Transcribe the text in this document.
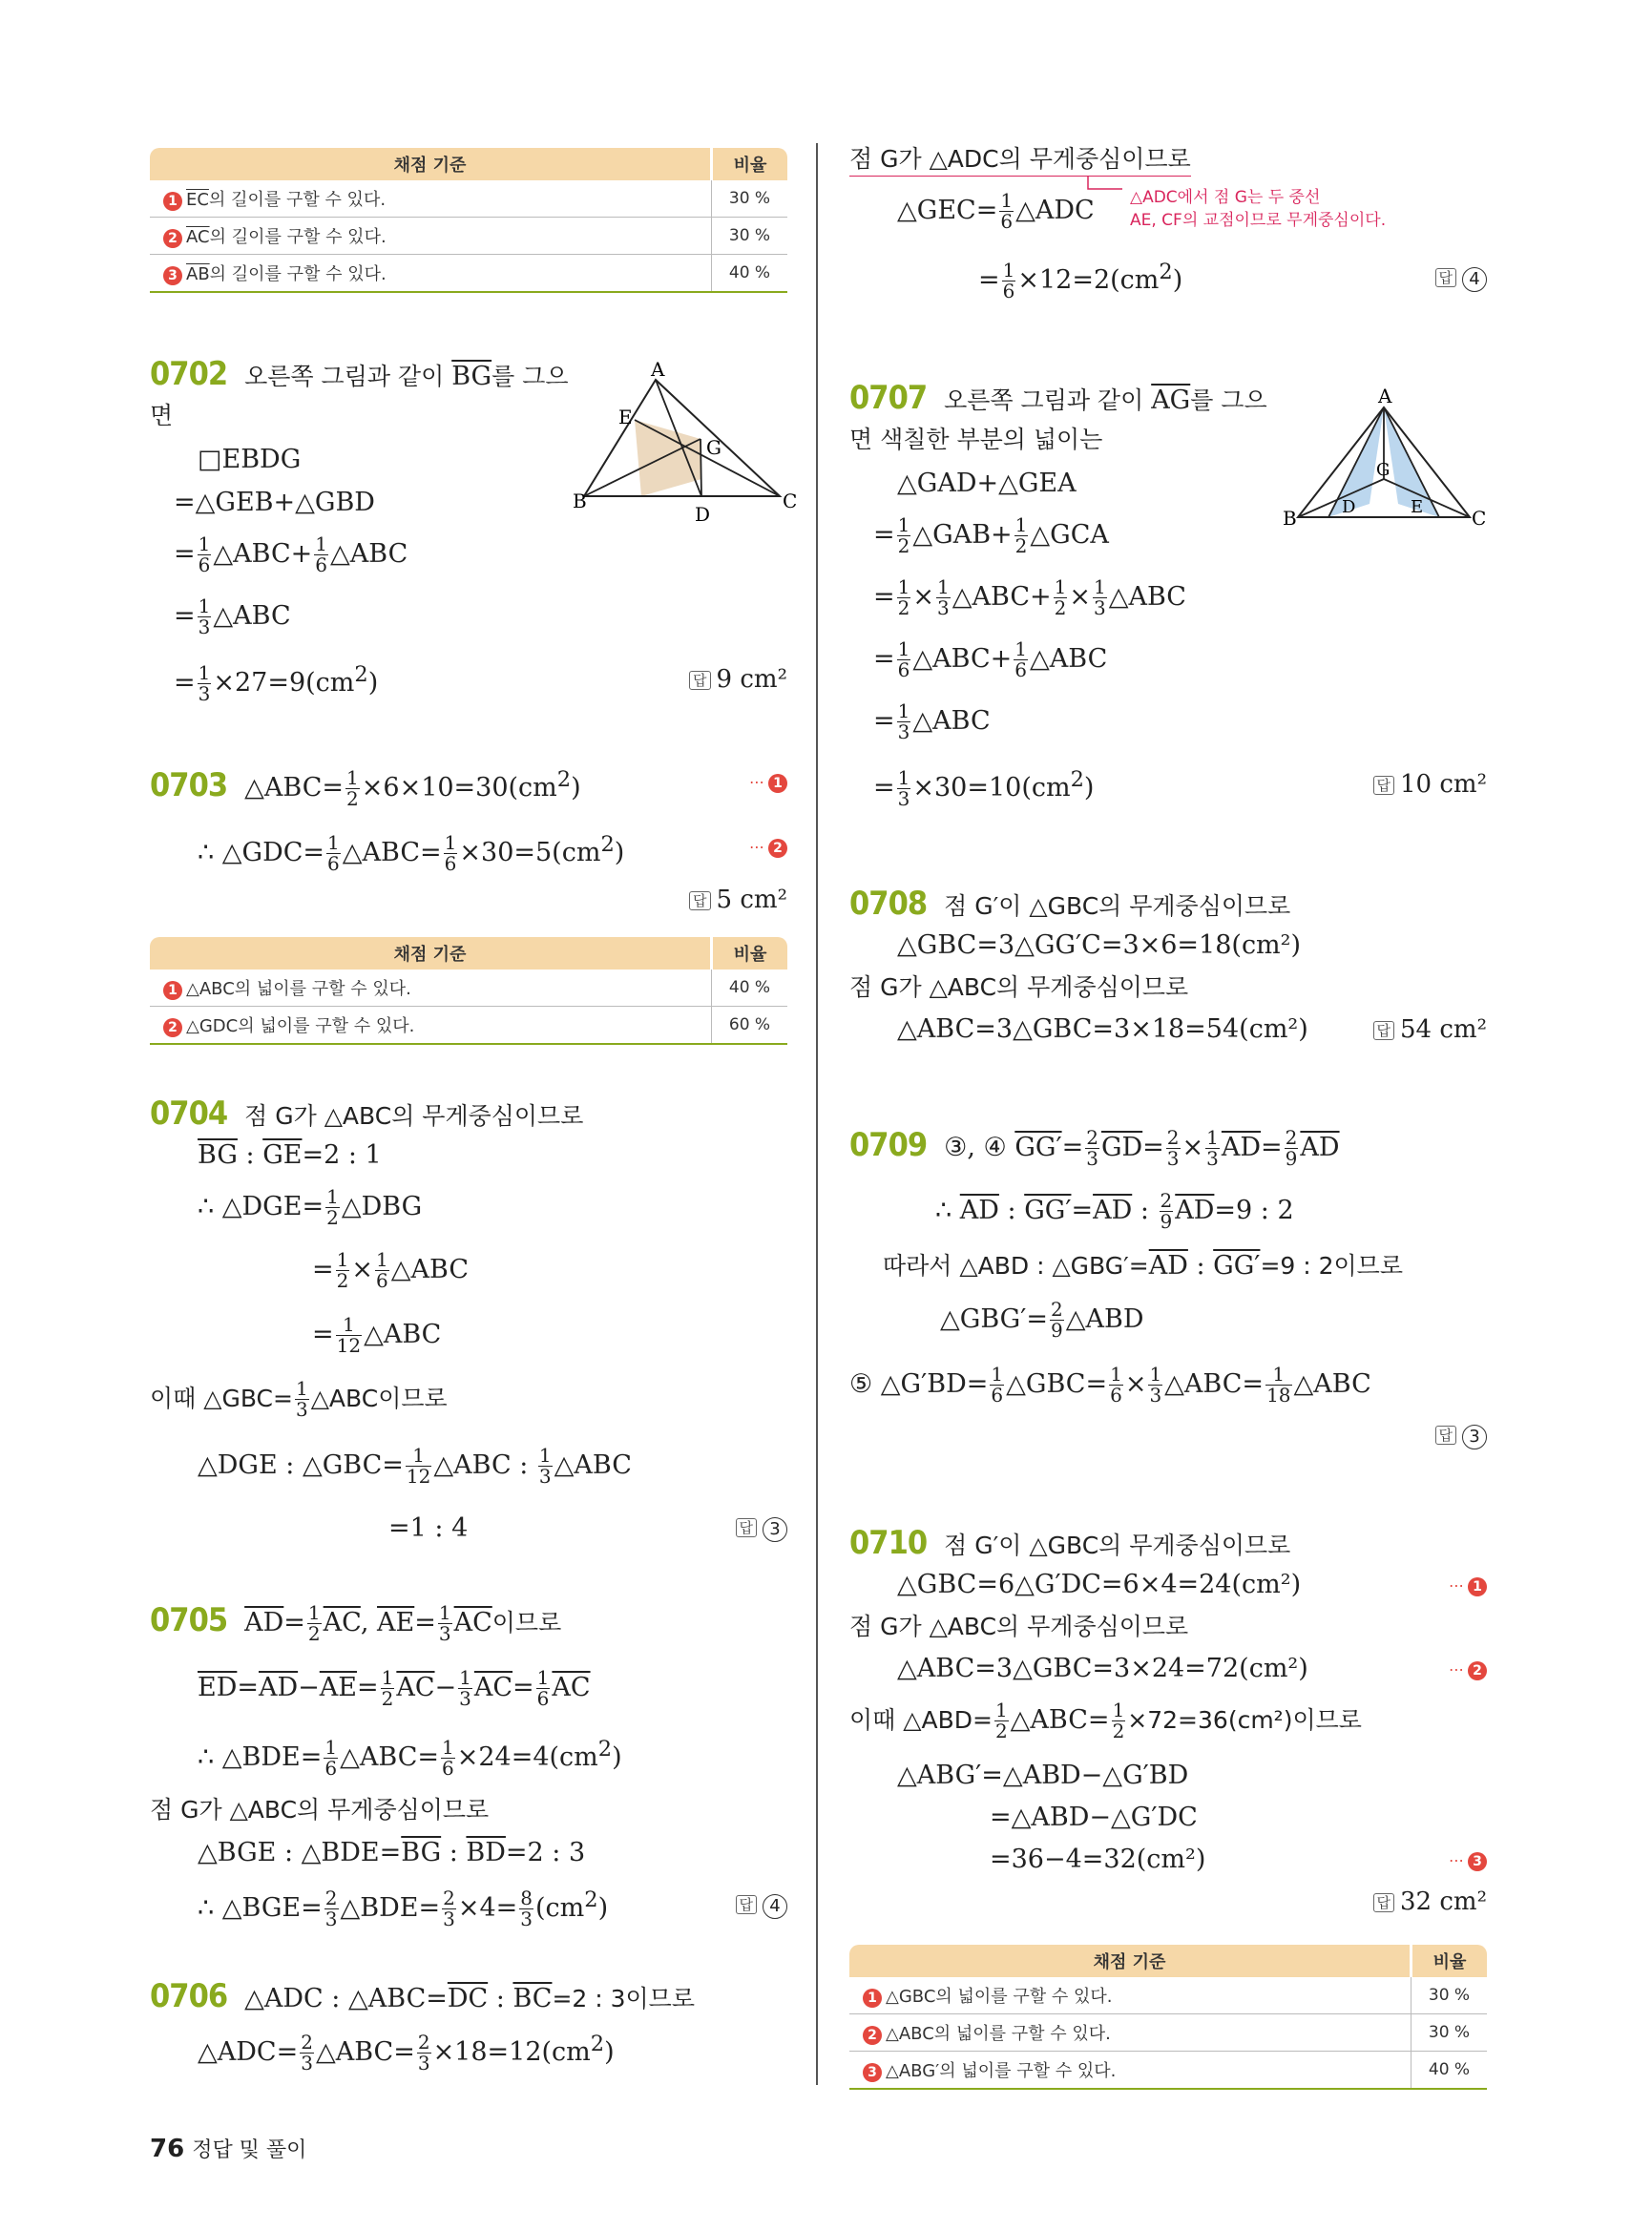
채점 기준	비율
1 $\overline{EC}$의 길이를 구할 수 있다.	30 %
2 $\overline{AC}$의 길이를 구할 수 있다.	30 %
3 $\overline{AB}$의 길이를 구할 수 있다.	40 %
0702 오른쪽 그림과 같이 $\overline{BG}$를 그으
면
□EBDG
=△GEB+△GBD
= $\frac{1}{6}$ △ABC+ $\frac{1}{6}$ △ABC
= $\frac{1}{3}$ △ABC
= $\frac{1}{3} \times 27=9(cm^2)$	답 9 cm²
A
B	C
D
E
G
0703 △ABC= $\frac{1}{2} \times 6\times 10=30(cm^2)$	⋯ 1
∴ △GDC= $\frac{1}{6}$ △ABC= $\frac{1}{6} \times 30=5(cm^2)$	⋯ 2
답 5 cm²
채점 기준	비율
1 △ABC의 넓이를 구할 수 있다.	40 %
2 △GDC의 넓이를 구할 수 있다.	60 %
0704 점 G가 △ABC의 무게중심이므로
$\overline{BG}$ : $\overline{GE}=2$ : 1
∴ △DGE= $\frac{1}{2}$ △DBG
= $\frac{1}{2} \times \frac{1}{6}$ △ABC
= $\frac{1}{12}$ △ABC
이때 △GBC= $\frac{1}{3}$ △ABC이므로
△DGE : △GBC= $\frac{1}{12}$ △ABC : $\frac{1}{3}$ △ABC
=1 : 4	답 3
0705 $\overline{AD}= \frac{1}{2} \overline{AC}$, $\overline{AE}= \frac{1}{3} \overline{AC}$이므로
$\overline{ED}=\overline{AD}-\overline{AE}= \frac{1}{2} \overline{AC}- \frac{1}{3} \overline{AC}= \frac{1}{6} \overline{AC}$
∴ △BDE= $\frac{1}{6}$ △ABC= $\frac{1}{6} \times 24=4(cm^2)$
점 G가 △ABC의 무게중심이므로
△BGE : $\triangle BDE=\overline{BG}$ : $\overline{BD}=2$ : 3
∴ △BGE= $\frac{2}{3}$ △BDE= $\frac{2}{3} \times 4= \frac{8}{3} (cm^2)$	답 4
0706 △ADC : $\triangle ABC=\overline{DC}$ : $\overline{BC}=2$ : 3이므로
△ADC= $\frac{2}{3}$ △ABC= $\frac{2}{3} \times 18=12(cm^2)$
점 G가 △ADC의 무게중심이므로
△ADC에서 점 G는 두 중선
AE, CF의 교점이므로 무게중심이다.
△GEC= $\frac{1}{6}$ △ADC
= $\frac{1}{6} \times 12=2(cm^2)$	답 4
0707 오른쪽 그림과 같이 $\overline{AG}$를 그으
면 색칠한 부분의 넓이는
△GAD+△GEA
= $\frac{1}{2}$ △GAB+ $\frac{1}{2}$ △GCA
= $\frac{1}{2} \times \frac{1}{3}$ △ABC+ $\frac{1}{2} \times \frac{1}{3}$ △ABC
= $\frac{1}{6}$ △ABC+ $\frac{1}{6}$ △ABC
= $\frac{1}{3}$ △ABC
= $\frac{1}{3} \times 30=10(cm^2)$	답 10 cm²
A
B	C
D	E
G
0708 점 G′이 △GBC의 무게중심이므로
△GBC=3△GG′C=3×6=18(cm²)
점 G가 △ABC의 무게중심이므로
△ABC=3△GBC=3×18=54(cm²)	답 54 cm²
0709 ③, ④ $GG'= \frac{2}{3} \overline{GD}= \frac{2}{3} \times \frac{1}{3} \overline{AD}= \frac{2}{9} \overline{AD}$
∴ $\overline{AD}$ : $GG'=\overline{AD}$ : $\frac{2}{9} \overline{AD}=9$ : 2
따라서 △ABD : $\triangle GBG'=\overline{AD}$ : GG′=9 : 2이므로
△GBG′= $\frac{2}{9}$ △ABD
⑤ △G′BD= $\frac{1}{6}$ △GBC= $\frac{1}{6} \times \frac{1}{3}$ △ABC= $\frac{1}{18}$ △ABC
답 3
0710 점 G′이 △GBC의 무게중심이므로
△GBC=6△G′DC=6×4=24(cm²)	⋯ 1
점 G가 △ABC의 무게중심이므로
△ABC=3△GBC=3×24=72(cm²)	⋯ 2
이때 △ABD= $\frac{1}{2}$ △ABC= $\frac{1}{2} \times 72=36(cm^2)$이므로
△ABG′=△ABD−△G′BD
=△ABD−△G′DC
=36−4=32(cm²)	⋯ 3
답 32 cm²
채점 기준	비율
1 △GBC의 넓이를 구할 수 있다.	30 %
2 △ABC의 넓이를 구할 수 있다.	30 %
3 △ABG′의 넓이를 구할 수 있다.	40 %
76 정답 및 풀이
